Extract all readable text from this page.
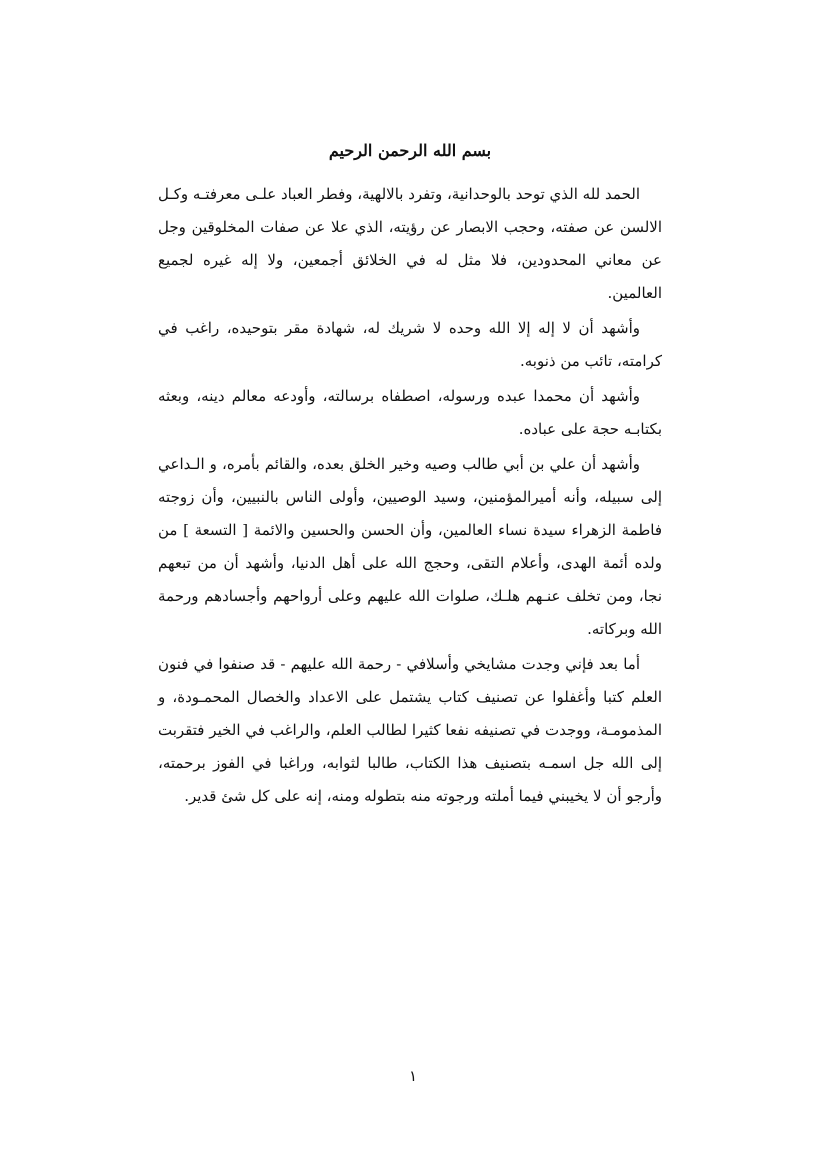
بسم الله الرحمن الرحيم

الحمد لله الذي توحد بالوحدانية، وتفرد بالالهية، وفطر العباد علـى معرفتـه وكـل الالسن عن صفته، وحجب الابصار عن رؤيته، الذي علا عن صفات المخلوقين وجل عن معاني المحدودين، فلا مثل له في الخلائق أجمعين، ولا إله غيره لجميع العالمين.

وأشهد أن لا إله إلا الله وحده لا شريك له، شهادة مقر بتوحيده، راغب في كرامته، تائب من ذنوبه.

وأشهد أن محمدا عبده ورسوله، اصطفاه برسالته، وأودعه معالم دينه، وبعثه بكتابـه حجة على عباده.

وأشهد أن علي بن أبي طالب وصيه وخير الخلق بعده، والقائم بأمره، و الـداعي إلى سبيله، وأنه أميرالمؤمنين، وسيد الوصيين، وأولى الناس بالنبيين، وأن زوجته فاطمة الزهراء سيدة نساء العالمين، وأن الحسن والحسين والائمة [ التسعة ] من ولده أئمة الهدى، وأعلام التقى، وحجج الله على أهل الدنيا، وأشهد أن من تبعهم نجا، ومن تخلف عنـهم هلـك، صلوات الله عليهم وعلى أرواحهم وأجسادهم ورحمة الله وبركاته.

أما بعد فإني وجدت مشايخي وأسلافي - رحمة الله عليهم - قد صنفوا في فنون العلم كتبا وأغفلوا عن تصنيف كتاب يشتمل على الاعداد والخصال المحمـودة، و المذمومـة، ووجدت في تصنيفه نفعا كثيرا لطالب العلم، والراغب في الخير فتقربت إلى الله جل اسمـه بتصنيف هذا الكتاب، طالبا لثوابه، وراغبا في الفوز برحمته، وأرجو أن لا يخيبني فيما أملته ورجوته منه بتطوله ومنه، إنه على كل شئ قدير.

١
